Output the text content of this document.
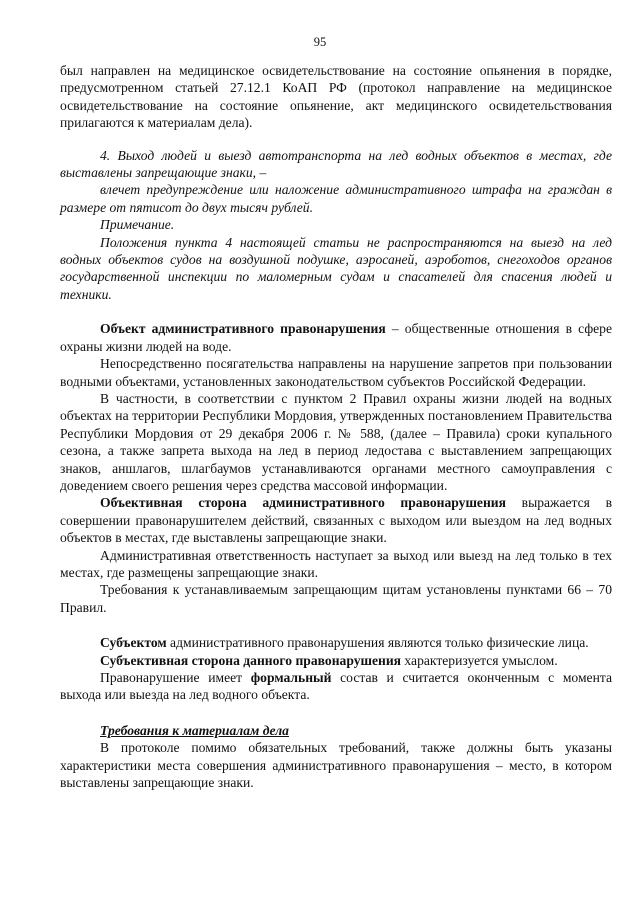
95

был направлен на медицинское освидетельствование на состояние опьянения в порядке, предусмотренном статьей 27.12.1 КоАП РФ (протокол направление на медицинское освидетельствование на состояние опьянение, акт медицинского освидетельствования прилагаются к материалам дела).

4. Выход людей и выезд автотранспорта на лед водных объектов в местах, где выставлены запрещающие знаки, –

влечет предупреждение или наложение административного штрафа на граждан в размере от пятисот до двух тысяч рублей.

Примечание.

Положения пункта 4 настоящей статьи не распространяются на выезд на лед водных объектов судов на воздушной подушке, аэросаней, аэроботов, снегоходов органов государственной инспекции по маломерным судам и спасателей для спасения людей и техники.

Объект административного правонарушения – общественные отношения в сфере охраны жизни людей на воде.

Непосредственно посягательства направлены на нарушение запретов при пользовании водными объектами, установленных законодательством субъектов Российской Федерации.

В частности, в соответствии с пунктом 2 Правил охраны жизни людей на водных объектах на территории Республики Мордовия, утвержденных постановлением Правительства Республики Мордовия от 29 декабря 2006 г. № 588, (далее – Правила) сроки купального сезона, а также запрета выхода на лед в период ледостава с выставлением запрещающих знаков, аншлагов, шлагбаумов устанавливаются органами местного самоуправления с доведением своего решения через средства массовой информации.

Объективная сторона административного правонарушения выражается в совершении правонарушителем действий, связанных с выходом или выездом на лед водных объектов в местах, где выставлены запрещающие знаки.

Административная ответственность наступает за выход или выезд на лед только в тех местах, где размещены запрещающие знаки.

Требования к устанавливаемым запрещающим щитам установлены пунктами 66 – 70 Правил.

Субъектом административного правонарушения являются только физические лица.

Субъективная сторона данного правонарушения характеризуется умыслом.

Правонарушение имеет формальный состав и считается оконченным с момента выхода или выезда на лед водного объекта.

Требования к материалам дела

В протоколе помимо обязательных требований, также должны быть указаны характеристики места совершения административного правонарушения – место, в котором выставлены запрещающие знаки.
